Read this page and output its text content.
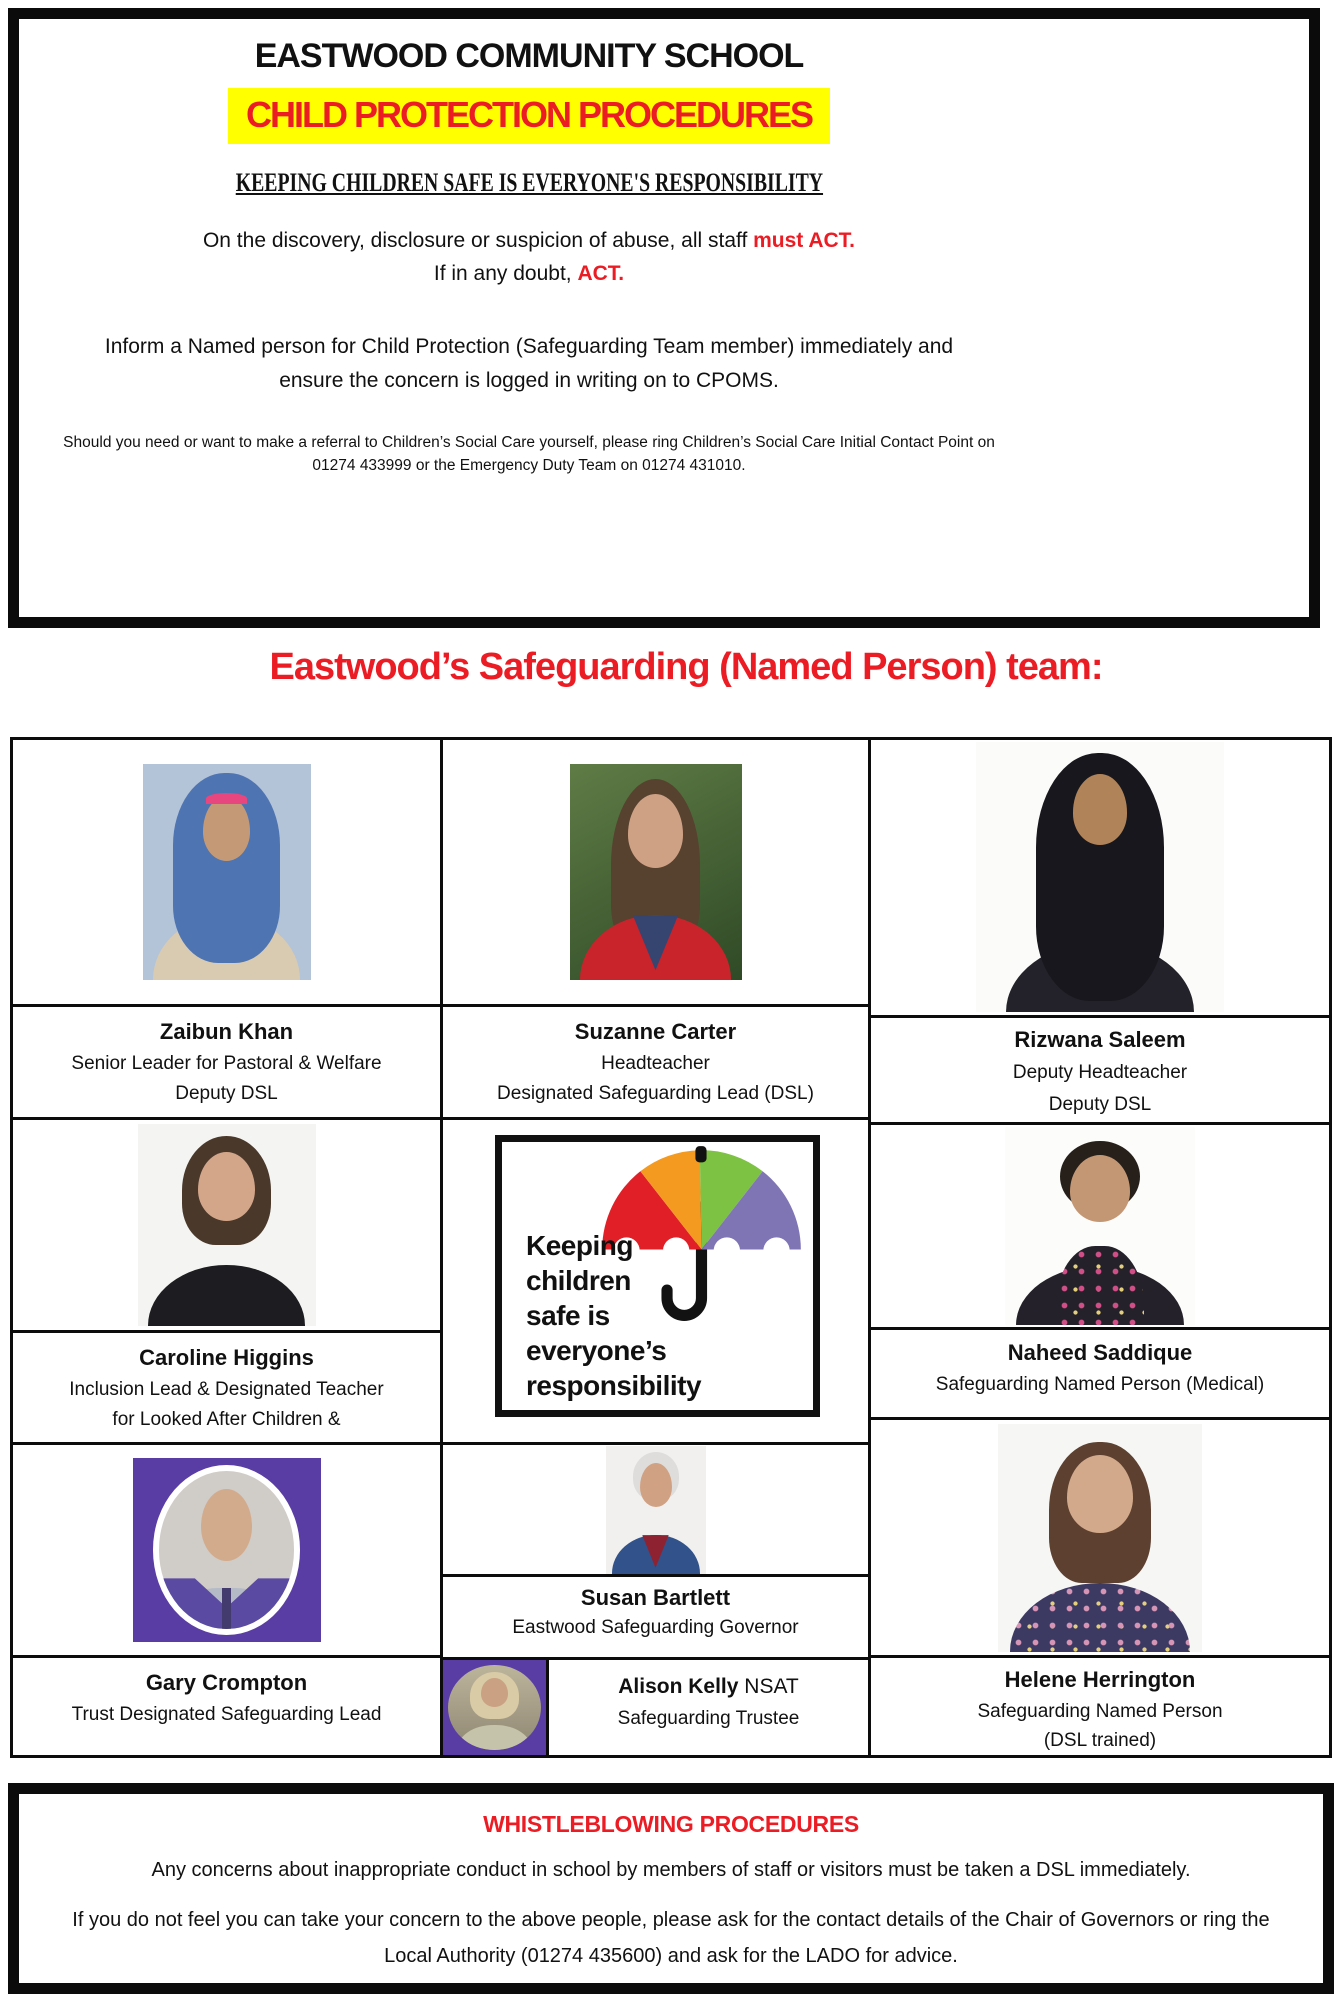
EASTWOOD COMMUNITY SCHOOL
CHILD PROTECTION PROCEDURES
KEEPING CHILDREN SAFE IS EVERYONE'S RESPONSIBILITY
On the discovery, disclosure or suspicion of abuse, all staff must ACT.
If in any doubt, ACT.
Inform a Named person for Child Protection (Safeguarding Team member) immediately and
ensure the concern is logged in writing on to CPOMS.
Should you need or want to make a referral to Children’s Social Care yourself, please ring Children’s Social Care Initial Contact Point on
01274 433999 or the Emergency Duty Team on 01274 431010.
Eastwood’s Safeguarding (Named Person) team:
Zaibun Khan
Senior Leader for Pastoral & Welfare
Deputy DSL
Caroline Higgins
Inclusion Lead & Designated Teacher
for Looked After Children &
Gary Crompton
Trust Designated Safeguarding Lead
Suzanne Carter
Headteacher
Designated Safeguarding Lead (DSL)
Keeping
children
safe is
everyone’s
responsibility
Susan Bartlett
Eastwood Safeguarding Governor
Alison Kelly NSAT
Safeguarding Trustee
Rizwana Saleem
Deputy Headteacher
Deputy DSL
Naheed Saddique
Safeguarding Named Person (Medical)
Helene Herrington
Safeguarding Named Person
(DSL trained)
WHISTLEBLOWING PROCEDURES
Any concerns about inappropriate conduct in school by members of staff or visitors must be taken a DSL immediately.
If you do not feel you can take your concern to the above people, please ask for the contact details of the Chair of Governors or ring the
Local Authority (01274 435600) and ask for the LADO for advice.
